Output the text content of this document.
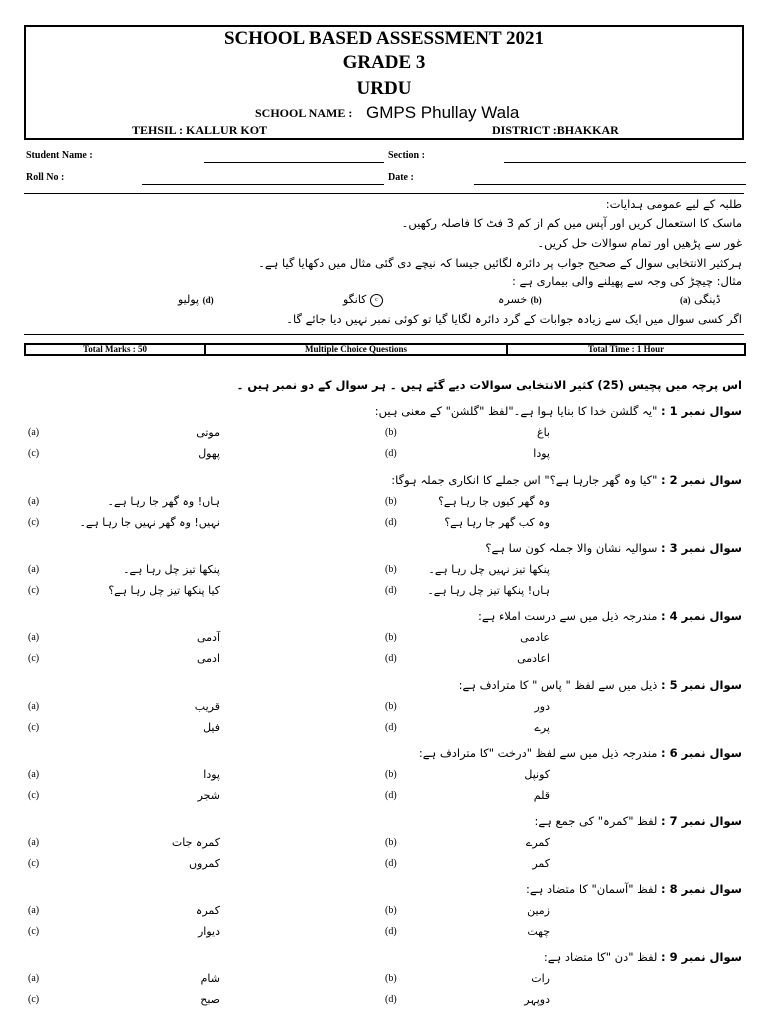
SCHOOL BASED ASSESSMENT 2021
GRADE 3
URDU
SCHOOL NAME : GMPS Phullay Wala
TEHSIL : KALLUR KOT	DISTRICT :BHAKKAR
Student Name :	Section :
Roll No :	Date :
طلبہ کے لیے عمومی ہدایات:
ماسک کا استعمال کریں اور آپس میں کم از کم 3 فٹ کا فاصلہ رکھیں۔
غور سے پڑھیں اور تمام سوالات حل کریں۔
ہرکثیر الانتخابی سوال کے صحیح جواب پر دائرہ لگائیں جیسا کہ نیچے دی گئی مثال میں دکھایا گیا ہے۔
مثال: چیچڑ کی وجہ سے پھیلنے والی بیماری ہے :
(a) ڈینگی
خسرہ (b)
کانگو c
پولیو (d)
اگر کسی سوال میں ایک سے زیادہ جوابات کے گرد دائرہ لگایا گیا تو کوئی نمبر نہیں دیا جائے گا۔
Total Marks : 50	Multiple Choice Questions	Total Time : 1 Hour
اس پرچہ میں پچیس (25) کثیر الانتخابی سوالات دیے گئے ہیں ۔ ہر سوال کے دو نمبر ہیں ۔
سوال نمبر 1 : "یہ گلشن خدا کا بنایا ہوا ہے۔"لفظ "گلشن" کے معنی ہیں:
(a)	موتی	(b)	باغ
(c)	پھول	(d)	پودا
سوال نمبر 2 : "کیا وہ گھر جارہا ہے؟" اس جملے کا انکاری جملہ ہوگا:
(a)	ہاں! وہ گھر جا رہا ہے۔	(b)	وہ گھر کیوں جا رہا ہے؟
(c)	نہیں! وہ گھر نہیں جا رہا ہے۔	(d)	وہ کب گھر جا رہا ہے؟
سوال نمبر 3 : سوالیہ نشان والا جملہ کون سا ہے؟
(a)	پنکھا تیز چل رہا ہے۔	(b)	پنکھا تیز نہیں چل رہا ہے۔
(c)	کیا پنکھا تیز چل رہا ہے؟	(d)	ہاں! پنکھا تیز چل رہا ہے۔
سوال نمبر 4 : مندرجہ ذیل میں سے درست املاء ہے:
(a)	آدمی	(b)	عادمی
(c)	ادمی	(d)	اعادمی
سوال نمبر 5 : ذیل میں سے لفظ " پاس " کا مترادف ہے:
(a)	قریب	(b)	دور
(c)	فیل	(d)	پرے
سوال نمبر 6 : مندرجہ ذیل میں سے لفظ "درخت "کا مترادف ہے:
(a)	پودا	(b)	کونپل
(c)	شجر	(d)	قلم
سوال نمبر 7 : لفظ "کمرہ" کی جمع ہے:
(a)	کمرہ جات	(b)	کمرے
(c)	کمروں	(d)	کمر
سوال نمبر 8 : لفظ "آسمان" کا متضاد ہے:
(a)	کمرہ	(b)	زمین
(c)	دیوار	(d)	چھت
سوال نمبر 9 : لفظ "دن "کا متضاد ہے:
(a)	شام	(b)	رات
(c)	صبح	(d)	دوپہر
